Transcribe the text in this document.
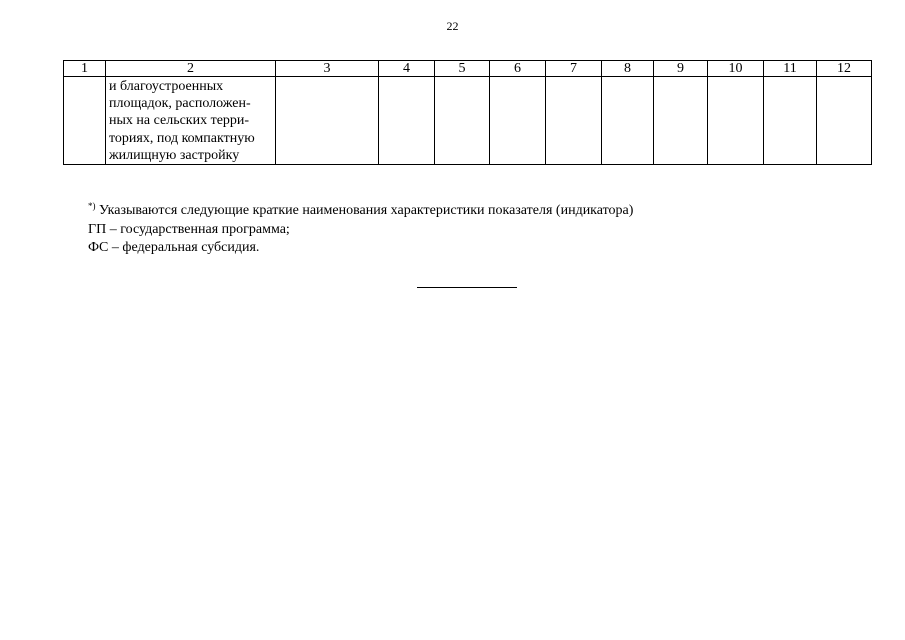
22
1	2	3	4	5	6	7	8	9	10	11	12

	и благоустроенных
площадок, расположен-
ных на сельских терри-
ториях, под компактную
жилищную застройку										

*) Указываются следующие краткие наименования характеристики показателя (индикатора)
ГП – государственная программа;
ФС – федеральная субсидия.
